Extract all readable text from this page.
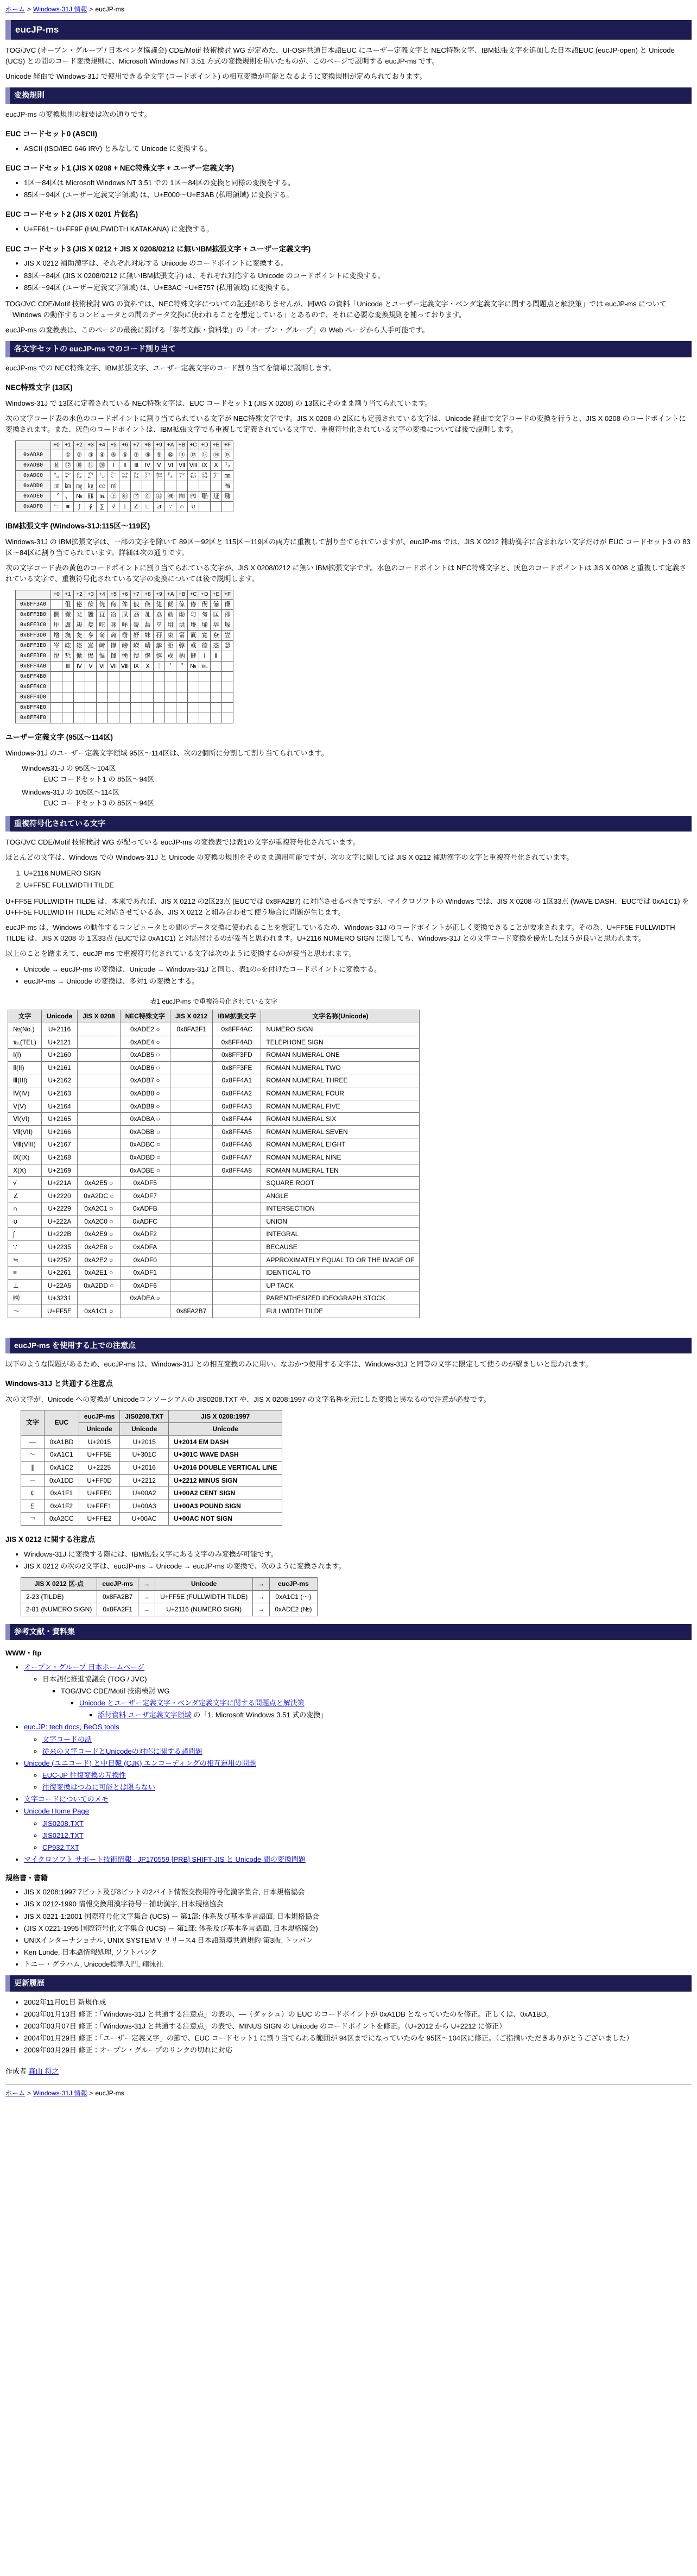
ホーム > Windows-31J 情報 > eucJP-ms
eucJP-ms

TOG/JVC (オープン・グループ / 日本ベンダ協議会) CDE/Motif 技術検討 WG が定めた、UI-OSF共通日本語EUC にユーザー定義文字と NEC特殊文字、IBM拡張文字を追加した日本語EUC (eucJP-open) と Unicode (UCS) との間のコード変換規則に、Microsoft Windows NT 3.51 方式の変換規則を用いたものが、このページで説明する eucJP-ms です。

Unicode 経由で Windows-31J で使用できる全文字 (コードポイント) の相互変換が可能となるように変換規則が定められております。

変換規則

eucJP-ms の変換規則の概要は次の通りです。

EUC コードセット0 (ASCII)
• ASCII (ISO/IEC 646 IRV) とみなして Unicode に変換する。
EUC コードセット1 (JIS X 0208 + NEC特殊文字 + ユーザー定義文字)
• 1区～84区は Microsoft Windows NT 3.51 での 1区～84区の変換と同様の変換をする。
• 85区～94区 (ユーザー定義文字領域) は、U+E000～U+E3AB (私用領域) に変換する。
EUC コードセット2 (JIS X 0201 片仮名)
• U+FF61～U+FF9F (HALFWIDTH KATAKANA) に変換する。
EUC コードセット3 (JIS X 0212 + JIS X 0208/0212 に無いIBM拡張文字 + ユーザー定義文字)
• JIS X 0212 補助漢字は、それぞれ対応する Unicode のコードポイントに変換する。
• 83区～84区 (JIS X 0208/0212 に無いIBM拡張文字) は、それぞれ対応する Unicode のコードポイントに変換する。
• 85区～94区 (ユーザー定義文字領域) は、U+E3AC～U+E757 (私用領域) に変換する。

TOG/JVC CDE/Motif 技術検討 WG の資料では、NEC特殊文字についての記述がありませんが、同WG の資料「Unicode とユーザー定義文字・ベンダ定義文字に関する問題点と解決策」では eucJP-ms について「Windows の動作するコンピュータとの間のデータ交換に使われることを想定している」とあるので、それに必要な変換規則を補っております。

eucJP-ms の変換表は、このページの最後に掲げる「参考文献・資料集」の「オープン・グループ」の Web ページから入手可能です。

各文字セットの eucJP-ms でのコード割り当て

eucJP-ms での NEC特殊文字、IBM拡張文字、ユーザー定義文字のコード割り当てを簡単に説明します。

NEC特殊文字 (13区)

Windows-31J で 13区に定義されている NEC特殊文字は、EUC コードセット1 (JIS X 0208) の 13区にそのまま割り当てられています。

次の文字コード表の水色のコードポイントに割り当てられている文字が NEC特殊文字です。JIS X 0208 の 2区にも定義されている文字は、Unicode 経由で文字コードの変換を行うと、JIS X 0208 のコードポイントに変換されます。また、灰色のコードポイントは、IBM拡張文字でも重複して定義されている文字で、重複符号化されている文字の変換については後で説明します。

	+0	+1	+2	+3	+4	+5	+6	+7	+8	+9	+A	+B	+C	+D	+E	+F
0xADA0		①	②	③	④	⑤	⑥	⑦	⑧	⑨	⑩	⑪	⑫	⑬	⑭	⑮
0xADB0	⑯	⑰	⑱	⑲	⑳	Ⅰ	Ⅱ	Ⅲ	Ⅳ	Ⅴ	Ⅵ	Ⅶ	Ⅷ	Ⅸ	Ⅹ	㍉
0xADC0	㌔	㌢	㍍	㌘	㌧	㌃	㌶	㍑	㍗	㌍	㌦	㌣	㌫	㍊	㌻	㎜
0xADD0	㎝	㎞	㎎	㎏	㏄	㎡										㍻
0xADE0	〝	〟	№	㏍	℡	㊤	㊥	㊦	㊧	㊨	㈱	㈲	㈹	㍾	㍽	㍼
0xADF0	≒	≡	∫	∮	∑	√	⊥	∠	∟	⊿	∵	∩	∪			
IBM拡張文字 (Windows-31J:115区～119区)

Windows-31J の IBM拡張文字は、一部の文字を除いて 89区～92区と 115区～119区の両方に重複して割り当てられていますが、eucJP-ms では、JIS X 0212 補助漢字に含まれない文字だけが EUC コードセット3 の 83区～84区に割り当てられています。詳細は次の通りです。

次の文字コード表の黄色のコードポイントに割り当てられている文字が、JIS X 0208/0212 に無い IBM拡張文字です。水色のコードポイントは NEC特殊文字と、灰色のコードポイントは JIS X 0208 と重複して定義されている文字で、重複符号化されている文字の変換については後で説明します。

	+0	+1	+2	+3	+4	+5	+6	+7	+8	+9	+A	+B	+C	+D	+E	+F
0x8FF3A0		伹	佖	侒	侊	侚	侔	俍	偀	倢	俿	倞	偆	偰	偂	傔
0x8FF3B0	僴	僘	兊	兤	冝	冾	凬	刕	劜	劦	勀	勛	匀	匇	匤	卲
0x8FF3C0	厓	厲	叝	﨎	咜	咊	咩	哿	喆	坙	坥	垬	埈	埇	﨏	塚
0x8FF3D0	增	墲	夋	奓	奛	奝	奣	妤	妺	孖	寀	甯	寘	寬	尞	岦
0x8FF3E0	岺	峵	崧	嵓	﨑	嵂	嵭	嶸	嶹	巐	弡	弴	彧	德	忞	恝
0x8FF3F0	悅	悊	惞	惕	愠	惲	愑	愷	愰	憘	戓	抦	揵	Ⅰ	Ⅱ	
0x8FF4A0		Ⅲ	Ⅳ	Ⅴ	Ⅵ	Ⅶ	Ⅷ	Ⅸ	Ⅹ	￤	＇	＂	№	℡		
0x8FF4B0																
0x8FF4C0																
0x8FF4D0																
0x8FF4E0																
0x8FF4F0																
ユーザー定義文字 (95区～114区)

Windows-31J のユーザー定義文字領域 95区～114区は、次の2個所に分割して割り当てられています。

Windows31-J の 95区～104区
EUC コードセット1 の 85区～94区
Windows-31J の 105区～114区
EUC コードセット3 の 85区～94区
重複符号化されている文字

TOG/JVC CDE/Motif 技術検討 WG が配っている eucJP-ms の変換表では表1の文字が重複符号化されています。

ほとんどの文字は、Windows での Windows-31J と Unicode の変換の規則をそのまま適用可能ですが、次の文字に関しては JIS X 0212 補助漢字の文字と重複符号化されています。

1. U+2116 NUMERO SIGN
2. U+FF5E FULLWIDTH TILDE

U+FF5E FULLWIDTH TILDE は、本来であれば、JIS X 0212 の2区23点 (EUCでは 0x8FA2B7) に対応させるべきですが、マイクロソフトの Windows では、JIS X 0208 の 1区33点 (WAVE DASH、EUCでは 0xA1C1) を U+FF5E FULLWIDTH TILDE に対応させている為、JIS X 0212 と組み合わせて使う場合に問題が生じます。

eucJP-ms は、Windows の動作するコンピュータとの間のデータ交換に使われることを想定しているため、Windows-31J のコードポイントが正しく変換できることが要求されます。その為、U+FF5E FULLWIDTH TILDE は、JIS X 0208 の 1区33点 (EUCでは 0xA1C1) と対応付けるのが妥当と思われます。U+2116 NUMERO SIGN に関しても、Windows-31J との文字コード変換を優先したほうが良いと思われます。

以上のことを踏まえて、eucJP-ms で重複符号化されている文字は次のように変換するのが妥当と思われます。

• Unicode → eucJP-ms の変換は、Unicode → Windows-31J と同じ、表1の○を付けたコードポイントに変換する。
• eucJP-ms → Unicode の変換は、多対1 の変換とする。
表1 eucJP-ms で重複符号化されている文字
文字	Unicode	JIS X 0208	NEC特殊文字	JIS X 0212	IBM拡張文字	文字名称(Unicode)
№(No.)	U+2116		0xADE2 ○	0x8FA2F1	0x8FF4AC	NUMERO SIGN
℡(TEL)	U+2121		0xADE4 ○		0x8FF4AD	TELEPHONE SIGN
Ⅰ(I)	U+2160		0xADB5 ○		0x8FF3FD	ROMAN NUMERAL ONE
Ⅱ(II)	U+2161		0xADB6 ○		0x8FF3FE	ROMAN NUMERAL TWO
Ⅲ(III)	U+2162		0xADB7 ○		0x8FF4A1	ROMAN NUMERAL THREE
Ⅳ(IV)	U+2163		0xADB8 ○		0x8FF4A2	ROMAN NUMERAL FOUR
Ⅴ(V)	U+2164		0xADB9 ○		0x8FF4A3	ROMAN NUMERAL FIVE
Ⅵ(VI)	U+2165		0xADBA ○		0x8FF4A4	ROMAN NUMERAL SIX
Ⅶ(VII)	U+2166		0xADBB ○		0x8FF4A5	ROMAN NUMERAL SEVEN
Ⅷ(VIII)	U+2167		0xADBC ○		0x8FF4A6	ROMAN NUMERAL EIGHT
Ⅸ(IX)	U+2168		0xADBD ○		0x8FF4A7	ROMAN NUMERAL NINE
Ⅹ(X)	U+2169		0xADBE ○		0x8FF4A8	ROMAN NUMERAL TEN
√	U+221A	0xA2E5 ○	0xADF5			SQUARE ROOT
∠	U+2220	0xA2DC ○	0xADF7			ANGLE
∩	U+2229	0xA2C1 ○	0xADFB			INTERSECTION
∪	U+222A	0xA2C0 ○	0xADFC			UNION
∫	U+222B	0xA2E9 ○	0xADF2			INTEGRAL
∵	U+2235	0xA2E8 ○	0xADFA			BECAUSE
≒	U+2252	0xA2E2 ○	0xADF0			APPROXIMATELY EQUAL TO OR THE IMAGE OF
≡	U+2261	0xA2E1 ○	0xADF1			IDENTICAL TO
⊥	U+22A5	0xA2DD ○	0xADF6			UP TACK
㈱	U+3231		0xADEA ○			PARENTHESIZED IDEOGRAPH STOCK
～	U+FF5E	0xA1C1 ○		0x8FA2B7		FULLWIDTH TILDE
eucJP-ms を使用する上での注意点

以下のような問題があるため、eucJP-ms は、Windows-31J との相互変換のみに用い、なおかつ使用する文字は、Windows-31J と同等の文字に限定して使うのが望ましいと思われます。

Windows-31J と共通する注意点

次の文字が、Unicode への変換が Unicodeコンソーシアムの JIS0208.TXT や、JIS X 0208:1997 の文字名称を元にした変換と異なるので注意が必要です。

文字	EUC	eucJP-ms	JIS0208.TXT	JIS X 0208:1997
		Unicode	Unicode	Unicode
—	0xA1BD	U+2015	U+2015	U+2014 EM DASH
～	0xA1C1	U+FF5E	U+301C	U+301C WAVE DASH
∥	0xA1C2	U+2225	U+2016	U+2016 DOUBLE VERTICAL LINE
－	0xA1DD	U+FF0D	U+2212	U+2212 MINUS SIGN
￠	0xA1F1	U+FFE0	U+00A2	U+00A2 CENT SIGN
￡	0xA1F2	U+FFE1	U+00A3	U+00A3 POUND SIGN
￢	0xA2CC	U+FFE2	U+00AC	U+00AC NOT SIGN
JIS X 0212 に関する注意点
• Windows-31J に変換する際には、IBM拡張文字にある文字のみ変換が可能です。
• JIS X 0212 の次の2文字は、eucJP-ms → Unicode → eucJP-ms の変換で、次のように変換されます。
JIS X 0212 区-点	eucJP-ms	→	Unicode	→	eucJP-ms
2-23 (TILDE)	0x8FA2B7	→	U+FF5E (FULLWIDTH TILDE)	→	0xA1C1 (～)
2-81 (NUMERO SIGN)	0x8FA2F1	→	U+2116 (NUMERO SIGN)	→	0xADE2 (№)
参考文献・資料集
WWW・ftp
• オープン・グループ 日本ホームページ
◦ 日本語化推進協議会 (TOG / JVC)
▪ TOG/JVC CDE/Motif 技術検討 WG
▪ Unicode とユーザー定義文字・ベンダ定義文字に関する問題点と解決策
▪ 添付資料 ユーザ定義文字領域 の「1. Microsoft Windows 3.51 式の変換」
• euc.JP: tech docs, BeOS tools
◦ 文字コードの話
◦ 従来の文字コードとUnicodeの対応に関する諸問題
• Unicode (ユニコード) と中日韓 (CJK) エンコーディングの相互運用の問題
◦ EUC-JP 往復変換の互換性
◦ 往復変換はつねに可能とは限らない
• 文字コードについてのメモ
• Unicode Home Page
◦ JIS0208.TXT
◦ JIS0212.TXT
◦ CP932.TXT
• マイクロソフト サポート技術情報 - JP170559 [PRB] SHIFT-JIS と Unicode 間の変換問題
規格書・書籍
• JIS X 0208:1997 7ビット及び8ビットの2バイト情報交換用符号化漢字集合, 日本規格協会
• JIS X 0212-1990 情報交換用漢字符号－補助漢字, 日本規格協会
• JIS X 0221-1:2001 国際符号化文字集合 (UCS) － 第1部: 体系及び基本多言語面, 日本規格協会
• (JIS X 0221-1995 国際符号化文字集合 (UCS) － 第1部: 体系及び基本多言語面, 日本規格協会)
• UNIXインターナショナル, UNIX SYSTEM V リリース4 日本語環境共通規約 第3版, トッパン
• Ken Lunde, 日本語情報処理, ソフトバンク
• トニー・グラハム, Unicode標準入門, 翔泳社
更新履歴
• 2002年11月01日 新規作成
• 2003年01月13日 修正：「Windows-31J と共通する注意点」の表の、―（ダッシュ）の EUC のコードポイントが 0xA1DB となっていたのを修正。正しくは、0xA1BD。
• 2003年03月07日 修正：「Windows-31J と共通する注意点」の表で、MINUS SIGN の Unicode のコードポイントを修正。（U+2012 から U+2212 に修正）
• 2004年01月29日 修正：「ユーザー定義文字」の節で、EUC コードセット1 に割り当てられる範囲が 94区までになっていたのを 95区～104区に修正。（ご指摘いただきありがとうございました）
• 2009年03月29日 修正：オープン・グループのリンクの切れに対応

作成者 森山 将之

ホーム > Windows-31J 情報 > eucJP-ms
